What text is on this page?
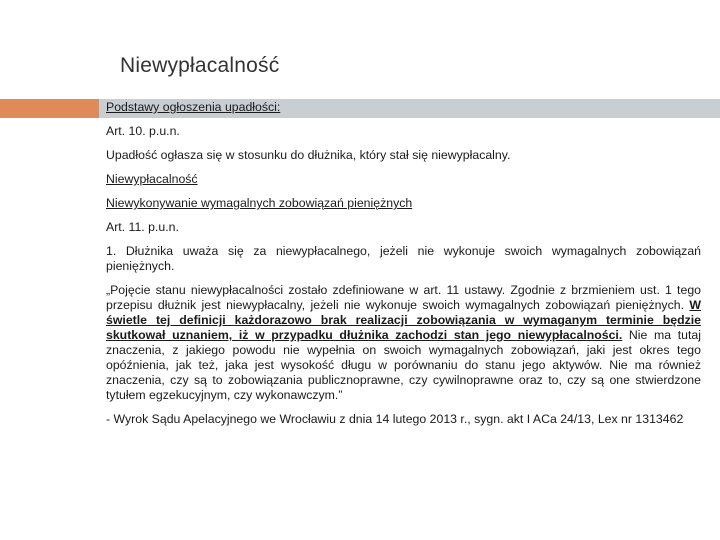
Niewypłacalność

Podstawy ogłoszenia upadłości:

Art. 10. p.u.n.

Upadłość ogłasza się w stosunku do dłużnika, który stał się niewypłacalny.

Niewypłacalność

Niewykonywanie wymagalnych zobowiązań pieniężnych

Art. 11. p.u.n.

1. Dłużnika uważa się za niewypłacalnego, jeżeli nie wykonuje swoich wymagalnych zobowiązań pieniężnych.

„Pojęcie stanu niewypłacalności zostało zdefiniowane w art. 11 ustawy. Zgodnie z brzmieniem ust. 1 tego przepisu dłużnik jest niewypłacalny, jeżeli nie wykonuje swoich wymagalnych zobowiązań pieniężnych. W świetle tej definicji każdorazowo brak realizacji zobowiązania w wymaganym terminie będzie skutkował uznaniem, iż w przypadku dłużnika zachodzi stan jego niewypłacalności. Nie ma tutaj znaczenia, z jakiego powodu nie wypełnia on swoich wymagalnych zobowiązań, jaki jest okres tego opóźnienia, jak też, jaka jest wysokość długu w porównaniu do stanu jego aktywów. Nie ma również znaczenia, czy są to zobowiązania publicznoprawne, czy cywilnoprawne oraz to, czy są one stwierdzone tytułem egzekucyjnym, czy wykonawczym.”

- Wyrok Sądu Apelacyjnego we Wrocławiu z dnia 14 lutego 2013 r., sygn. akt I ACa 24/13, Lex nr 1313462
